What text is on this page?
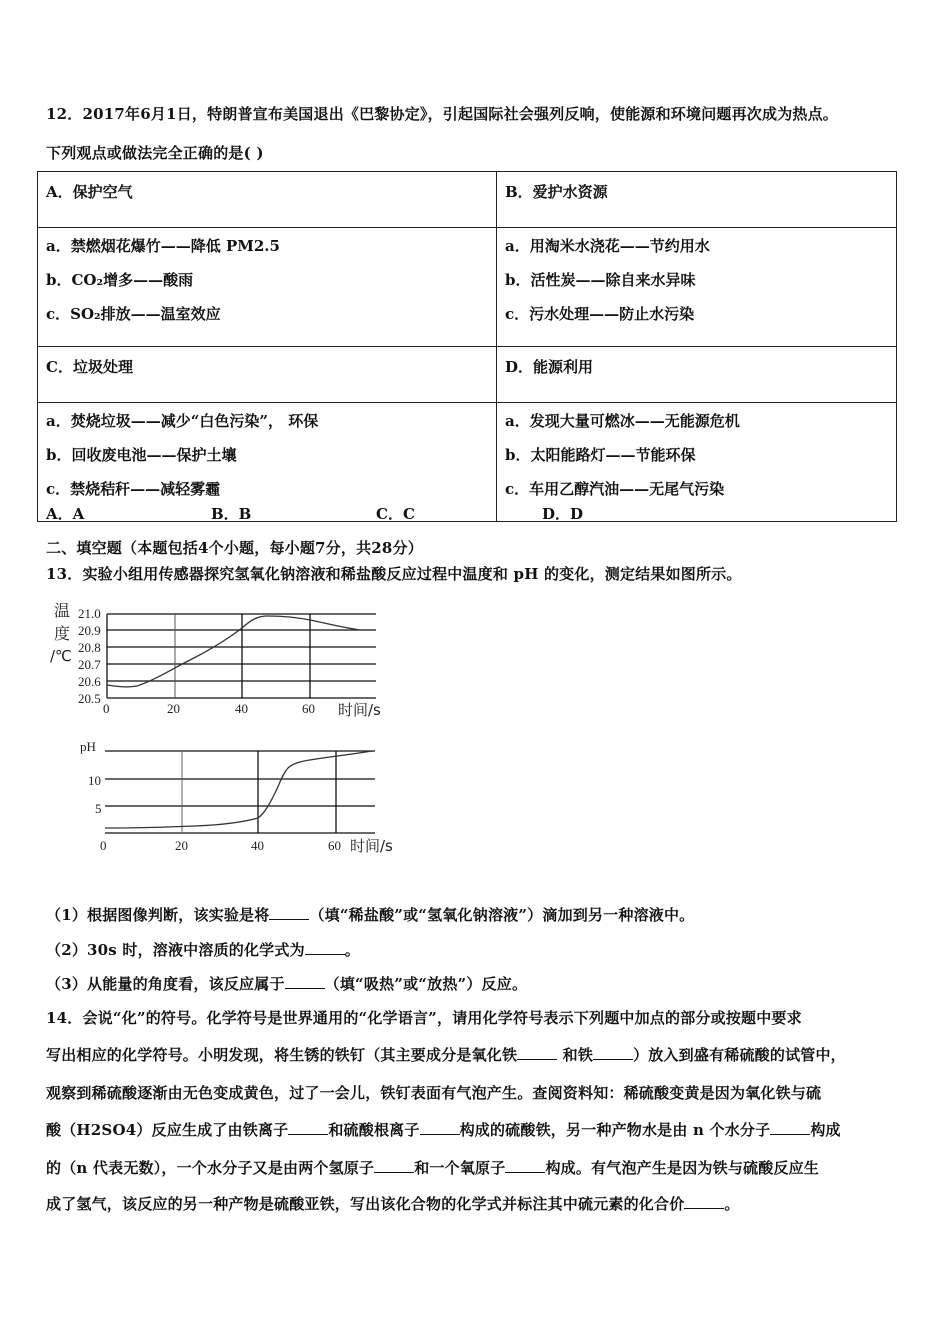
12．2017年6月1日，特朗普宣布美国退出《巴黎协定》，引起国际社会强列反响，使能源和环境问题再次成为热点。
下列观点或做法完全正确的是( )
A．保护空气	B．爱护水资源

a．禁燃烟花爆竹——降低 PM2.5
b．CO₂增多——酸雨
c．SO₂排放——温室效应

a．用淘米水浇花——节约用水
b．活性炭——除自来水异味
c．污水处理——防止水污染

C．垃圾处理	D．能源利用

a．焚烧垃圾——减少“白色污染”， 环保
b．回收废电池——保护土壤
c．禁烧秸秆——减轻雾霾

a．发现大量可燃冰——无能源危机
b．太阳能路灯——节能环保
c．车用乙醇汽油——无尾气污染
A．A	B．B	C．C	D．D
二、填空题（本题包括4个小题，每小题7分，共28分）
13．实验小组用传感器探究氢氧化钠溶液和稀盐酸反应过程中温度和 pH 的变化，测定结果如图所示。
温
度
/℃
21.0
20.9
20.8
20.7
20.6
20.5
0	20	40	60 时间/s
pH
10
5
0	20	40	60 时间/s
（1）根据图像判断，该实验是将	（填“稀盐酸”或“氢氧化钠溶液”）滴加到另一种溶液中。
（2）30s 时，溶液中溶质的化学式为	。
（3）从能量的角度看，该反应属于	（填“吸热”或“放热”）反应。
14．会说“化”的符号。化学符号是世界通用的“化学语言”，请用化学符号表示下列题中加点的部分或按题中要求
写出相应的化学符号。小明发现，将生锈的铁钉（其主要成分是氧化铁	和铁	）放入到盛有稀硫酸的试管中，
观察到稀硫酸逐渐由无色变成黄色，过了一会儿，铁钉表面有气泡产生。查阅资料知：稀硫酸变黄是因为氧化铁与硫
酸（H2SO4）反应生成了由铁离子	和硫酸根离子	构成的硫酸铁，另一种产物水是由 n 个水分子	构成
的（n 代表无数），一个水分子又是由两个氢原子	和一个氧原子	构成。有气泡产生是因为铁与硫酸反应生
成了氢气，该反应的另一种产物是硫酸亚铁，写出该化合物的化学式并标注其中硫元素的化合价	。
